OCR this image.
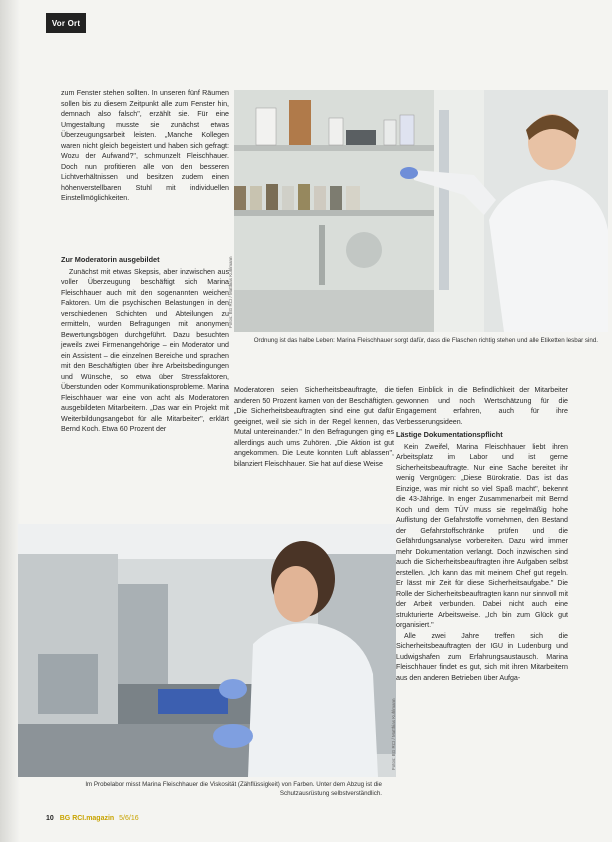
Vor Ort

zum Fenster stehen sollten. In unseren fünf Räumen sollen bis zu diesem Zeitpunkt alle zum Fenster hin, demnach also falsch", erzählt sie. Für eine Umgestaltung musste sie zunächst etwas Überzeugungsarbeit leisten. „Manche Kollegen waren nicht gleich begeistert und haben sich gefragt: Wozu der Aufwand?", schmunzelt Fleischhauer. Doch nun profitieren alle von den besseren Lichtverhältnissen und besitzen zudem einen höhenverstellbaren Stuhl mit individuellen Einstellmöglichkeiten.

Zur Moderatorin ausgebildet

Zunächst mit etwas Skepsis, aber inzwischen aus voller Überzeugung beschäftigt sich Marina Fleischhauer auch mit den sogenannten weichen Faktoren. Um die psychischen Belastungen in den verschiedenen Schichten und Abteilungen zu ermitteln, wurden Befragungen mit anonymen Bewertungsbögen durchgeführt. Dazu besuchten jeweils zwei Firmenangehörige – ein Moderator und ein Assistent – die einzelnen Bereiche und sprachen mit den Beschäftigten über ihre Arbeitsbedingungen und Wünsche, so etwa über Stressfaktoren, Überstunden oder Kommunikationsprobleme. Marina Fleischhauer war eine von acht als Moderatoren ausgebildeten Mitarbeitern. „Das war ein Projekt mit Weiterbildungsangebot für alle Mitarbeiter", erklärt Bernd Koch. Etwa 60 Prozent der

Moderatoren seien Sicherheitsbeauftragte, die anderen 50 Prozent kamen von der Beschäftigten. „Die Sicherheitsbeauftragten sind eine gut dafür geeignet, weil sie sich in der Regel kennen, das Mutal untereinander." In den Befragungen ging es allerdings auch ums Zuhören. „Die Aktion ist gut angekommen. Die Leute konnten Luft ablassen", bilanziert Fleischhauer. Sie hat auf diese Weise

tiefen Einblick in die Befindlichkeit der Mitarbeiter gewonnen und noch Wertschätzung für die Engagement erfahren, auch für ihre Verbesserungsideen.

Lästige Dokumentationspflicht

Kein Zweifel, Marina Fleischhauer liebt ihren Arbeitsplatz im Labor und ist gerne Sicherheitsbeauftragte. Nur eine Sache bereitet ihr wenig Vergnügen: „Diese Bürokratie. Das ist das Einzige, was mir nicht so viel Spaß macht", bekennt die 43-Jährige. In enger Zusammenarbeit mit Bernd Koch und dem TÜV muss sie regelmäßig hohe Auflistung der Gefahrstoffe vornehmen, den Bestand der Gefahrstoffschränke prüfen und die Gefährdungsanalyse vorbereiten. Dazu wird immer mehr Dokumentation verlangt. Doch inzwischen sind auch die Sicherheitsbeauftragten ihre Aufgaben selbst erstellen. „Ich kann das mit meinem Chef gut regeln. Er lässt mir Zeit für diese Sicherheitsaufgabe." Die Rolle der Sicherheitsbeauftragten kann nur sinnvoll mit der Arbeit verbunden. Dabei nicht auch eine strukturierte Arbeitsweise. „Ich bin zum Glück gut organisiert."

Alle zwei Jahre treffen sich die Sicherheitsbeauftragten der IGU in Ludenburg und Ludwigshafen zum Erfahrungsaustausch. Marina Fleischhauer findet es gut, sich mit ihren Mitarbeitern aus den anderen Betrieben über Aufga-

Fotos: BG RCI / Matthias Kuhlmann
Ordnung ist das halbe Leben: Marina Fleischhauer sorgt dafür, dass die Flaschen richtig stehen und alle Etiketten lesbar sind.
Fotos: BG RCI / Matthias Kuhlmann
Im Probelabor misst Marina Fleischhauer die Viskosität (Zähflüssigkeit) von Farben. Unter dem Abzug ist die Schutzausrüstung selbstverständlich.
10 BG RCI.magazin 5/6/16
